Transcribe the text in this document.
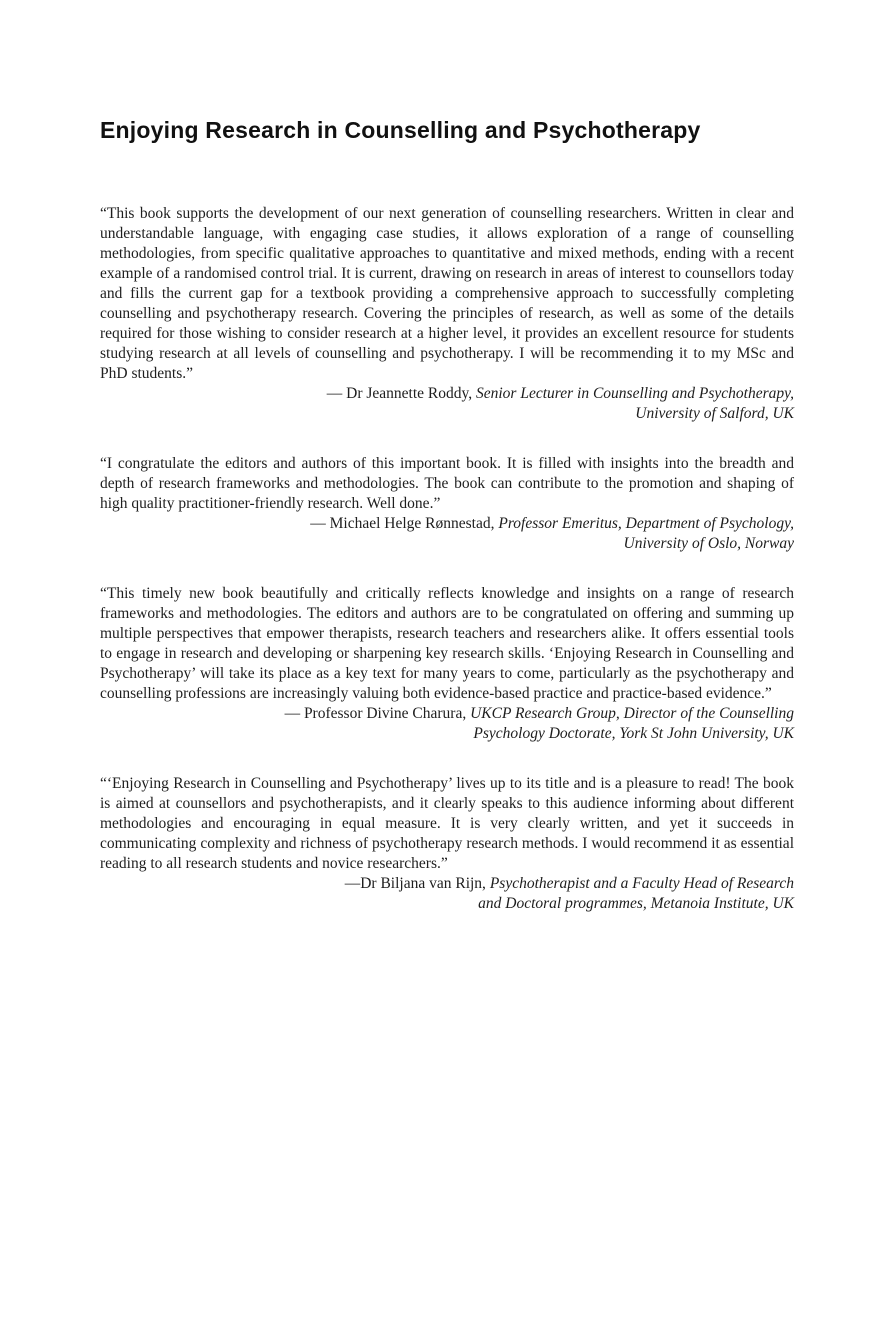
Enjoying Research in Counselling and Psychotherapy

“This book supports the development of our next generation of counselling researchers. Written in clear and understandable language, with engaging case studies, it allows exploration of a range of counselling methodologies, from specific qualitative approaches to quantitative and mixed methods, ending with a recent example of a randomised control trial. It is current, drawing on research in areas of interest to counsellors today and fills the current gap for a textbook providing a comprehensive approach to successfully completing counselling and psychotherapy research. Covering the principles of research, as well as some of the details required for those wishing to consider research at a higher level, it provides an excellent resource for students studying research at all levels of counselling and psychotherapy. I will be recommending it to my MSc and PhD students.”

— Dr Jeannette Roddy, Senior Lecturer in Counselling and Psychotherapy,
University of Salford, UK

“I congratulate the editors and authors of this important book. It is filled with insights into the breadth and depth of research frameworks and methodologies. The book can contribute to the promotion and shaping of high quality practitioner-friendly research. Well done.”

— Michael Helge Rønnestad, Professor Emeritus, Department of Psychology,
University of Oslo, Norway

“This timely new book beautifully and critically reflects knowledge and insights on a range of research frameworks and methodologies. The editors and authors are to be congratulated on offering and summing up multiple perspectives that empower therapists, research teachers and researchers alike. It offers essential tools to engage in research and developing or sharpening key research skills. ‘Enjoying Research in Counselling and Psychotherapy’ will take its place as a key text for many years to come, particularly as the psychotherapy and counselling professions are increasingly valuing both evidence-based practice and practice-based evidence.”

— Professor Divine Charura, UKCP Research Group, Director of the Counselling
Psychology Doctorate, York St John University, UK

“‘Enjoying Research in Counselling and Psychotherapy’ lives up to its title and is a pleasure to read! The book is aimed at counsellors and psychotherapists, and it clearly speaks to this audience informing about different methodologies and encouraging in equal measure. It is very clearly written, and yet it succeeds in communicating complexity and richness of psychotherapy research methods. I would recommend it as essential reading to all research students and novice researchers.”

—Dr Biljana van Rijn, Psychotherapist and a Faculty Head of Research
and Doctoral programmes, Metanoia Institute, UK
